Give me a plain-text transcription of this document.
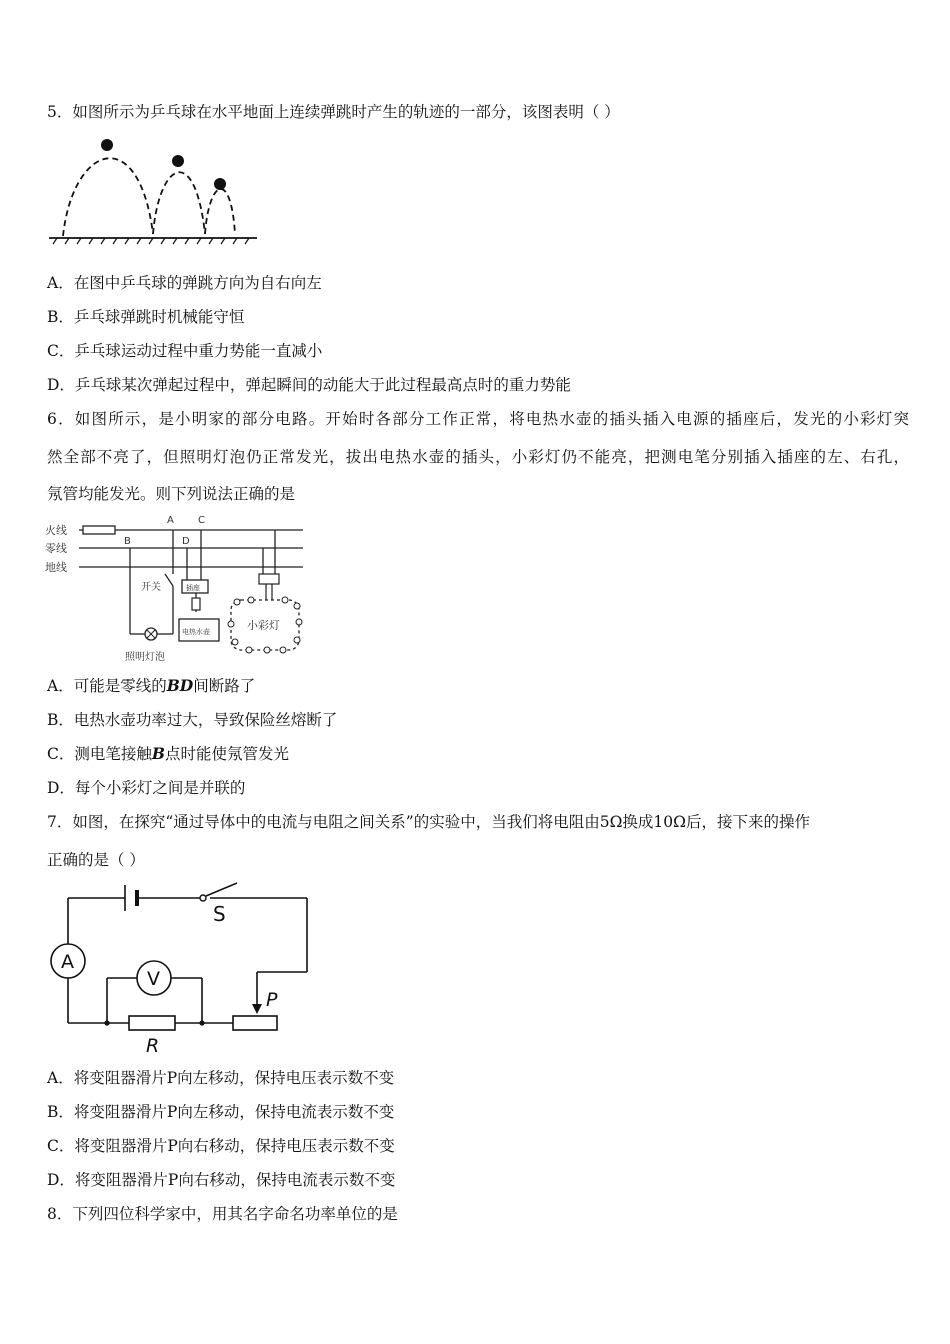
5．如图所示为乒乓球在水平地面上连续弹跳时产生的轨迹的一部分，该图表明（ ）
A．在图中乒乓球的弹跳方向为自右向左
B．乒乓球弹跳时机械能守恒
C．乒乓球运动过程中重力势能一直减小
D．乒乓球某次弹起过程中，弹起瞬间的动能大于此过程最高点时的重力势能
6．如图所示，是小明家的部分电路。开始时各部分工作正常，将电热水壶的插头插入电源的插座后，发光的小彩灯突
然全部不亮了，但照明灯泡仍正常发光，拔出电热水壶的插头，小彩灯仍不能亮，把测电笔分别插入插座的左、右孔，
氖管均能发光。则下列说法正确的是
火线
零线
地线
A
B
C
D
开关	插座
电热水壶	小彩灯
照明灯泡
A．可能是零线的BD间断路了
B．电热水壶功率过大，导致保险丝熔断了
C．测电笔接触B点时能使氖管发光
D．每个小彩灯之间是并联的
7．如图，在探究“通过导体中的电流与电阻之间关系”的实验中，当我们将电阻由5Ω换成10Ω后，接下来的操作
正确的是（ ）
A
V
S
P
R
A．将变阻器滑片P向左移动，保持电压表示数不变
B．将变阻器滑片P向左移动，保持电流表示数不变
C．将变阻器滑片P向右移动，保持电压表示数不变
D．将变阻器滑片P向右移动，保持电流表示数不变
8．下列四位科学家中，用其名字命名功率单位的是
